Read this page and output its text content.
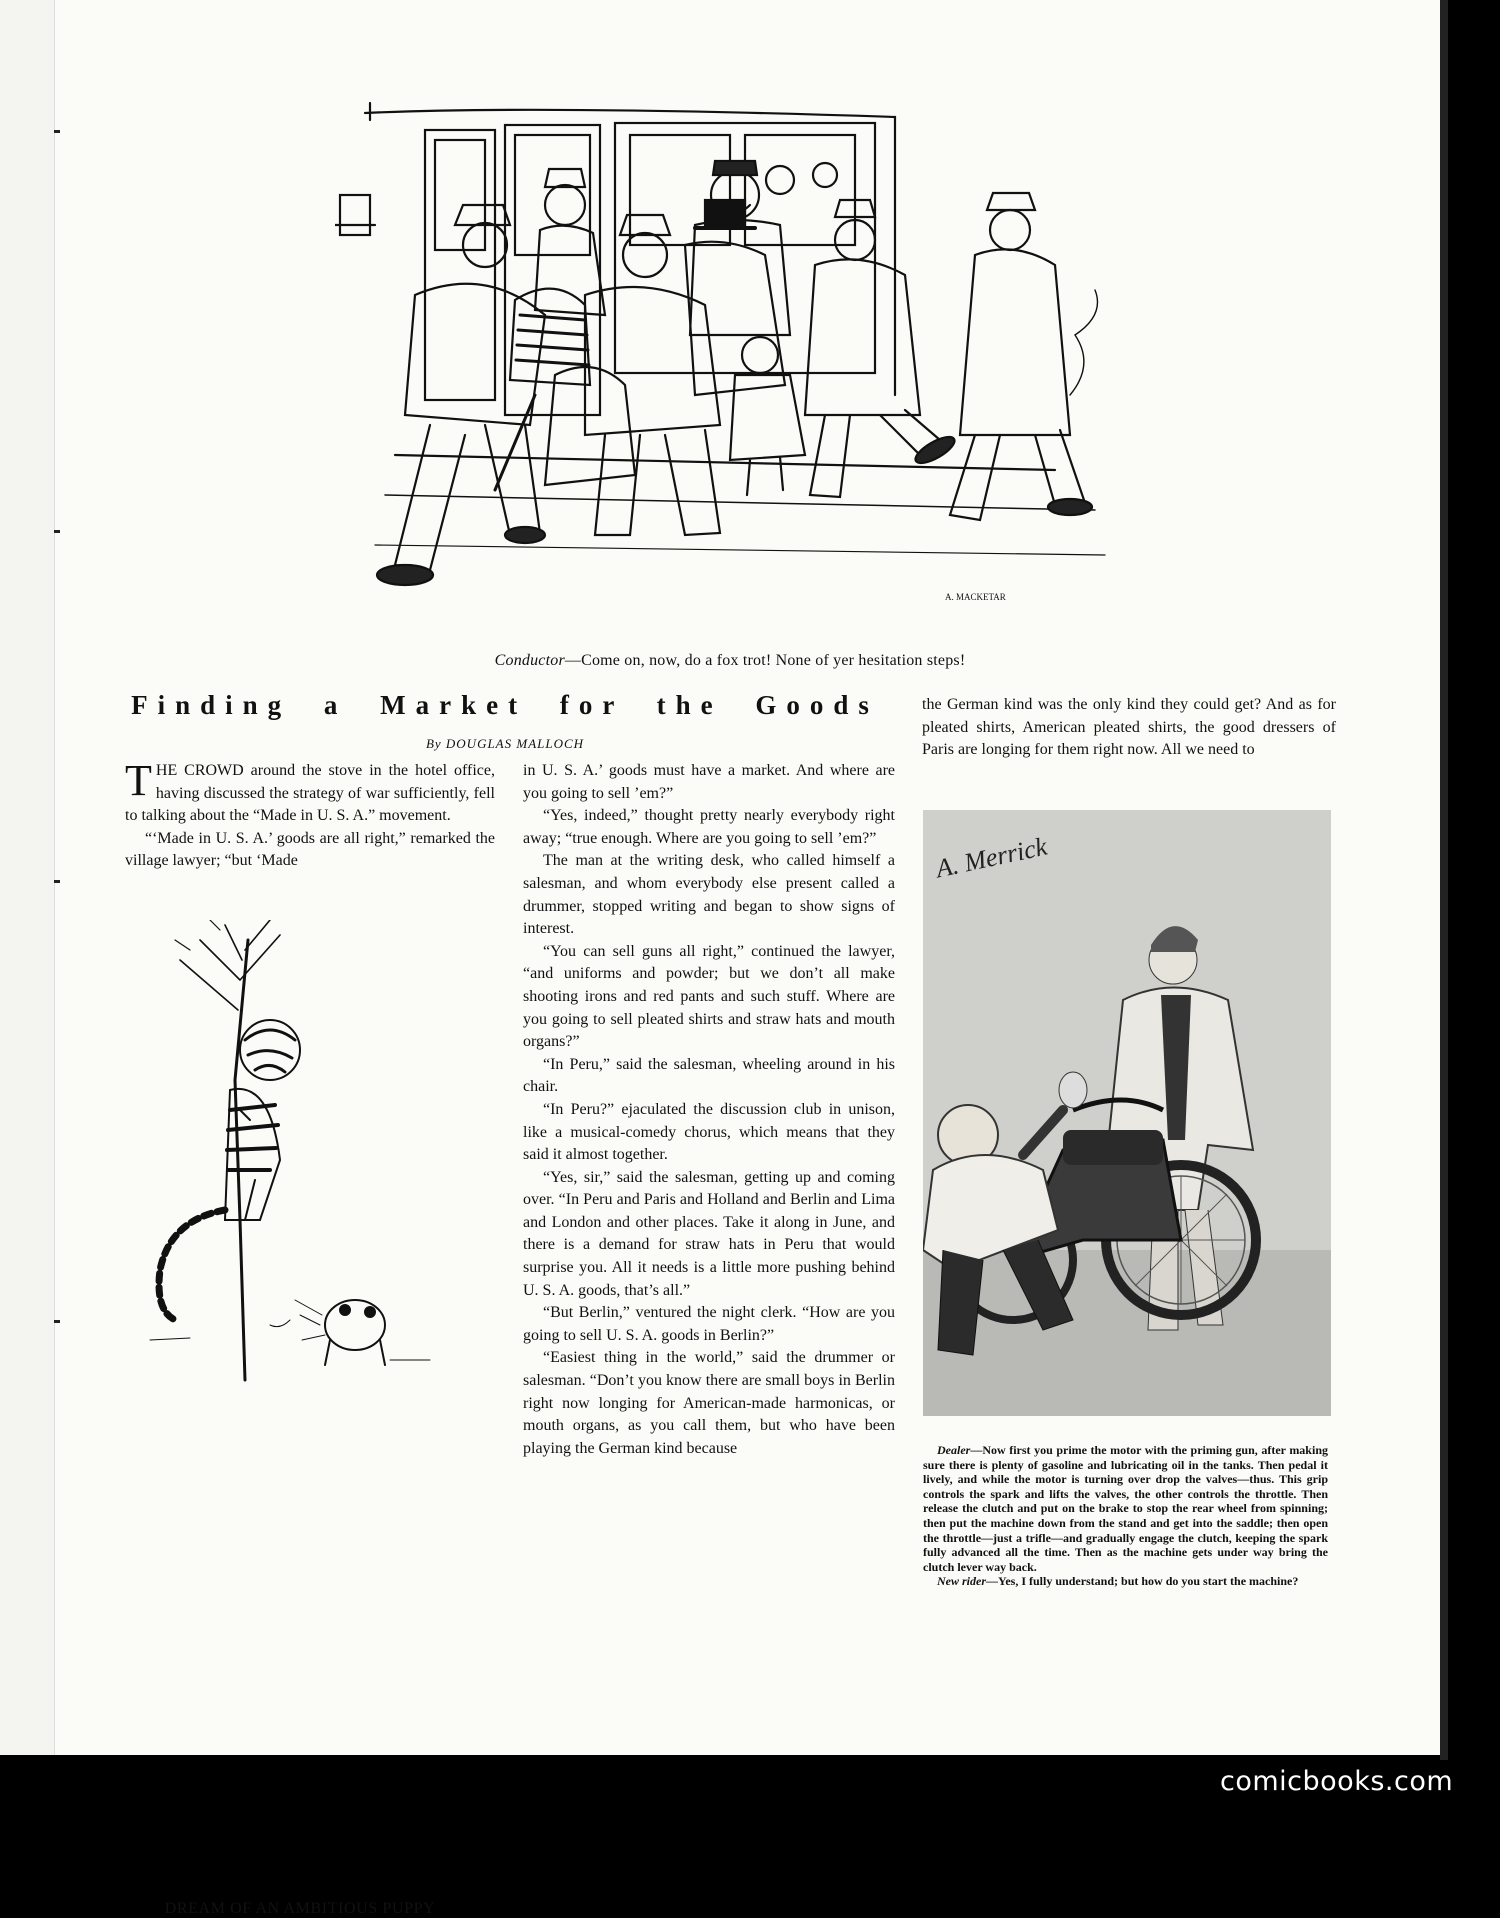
A. MACKETAR
Conductor—Come on, now, do a fox trot! None of yer hesitation steps!
Finding a Market for the Goods
By DOUGLAS MALLOCH

THE CROWD around the stove in the hotel office, having discussed the strategy of war sufficiently, fell to talking about the “Made in U. S. A.” movement.

“‘Made in U. S. A.’ goods are all right,” remarked the village lawyer; “but ‘Made

DREAM OF AN AMBITIOUS PUPPY

in U. S. A.’ goods must have a market. And where are you going to sell ’em?”

“Yes, indeed,” thought pretty nearly everybody right away; “true enough. Where are you going to sell ’em?”

The man at the writing desk, who called himself a salesman, and whom everybody else present called a drummer, stopped writing and began to show signs of interest.

“You can sell guns all right,” continued the lawyer, “and uniforms and powder; but we don’t all make shooting irons and red pants and such stuff. Where are you going to sell pleated shirts and straw hats and mouth organs?”

“In Peru,” said the salesman, wheeling around in his chair.

“In Peru?” ejaculated the discussion club in unison, like a musical-comedy chorus, which means that they said it almost together.

“Yes, sir,” said the salesman, getting up and coming over. “In Peru and Paris and Holland and Berlin and Lima and London and other places. Take it along in June, and there is a demand for straw hats in Peru that would surprise you. All it needs is a little more pushing behind U. S. A. goods, that’s all.”

“But Berlin,” ventured the night clerk. “How are you going to sell U. S. A. goods in Berlin?”

“Easiest thing in the world,” said the drummer or salesman. “Don’t you know there are small boys in Berlin right now longing for American-made harmonicas, or mouth organs, as you call them, but who have been playing the German kind because

the German kind was the only kind they could get? And as for pleated shirts, American pleated shirts, the good dressers of Paris are longing for them right now. All we need to

A. Merrick

Dealer—Now first you prime the motor with the priming gun, after making sure there is plenty of gasoline and lubricating oil in the tanks. Then pedal it lively, and while the motor is turning over drop the valves—thus. This grip controls the spark and lifts the valves, the other controls the throttle. Then release the clutch and put on the brake to stop the rear wheel from spinning; then put the machine down from the stand and get into the saddle; then open the throttle—just a trifle—and gradually engage the clutch, keeping the spark fully advanced all the time. Then as the machine gets under way bring the clutch lever way back.

New rider—Yes, I fully understand; but how do you start the machine?

comicbooks.com
